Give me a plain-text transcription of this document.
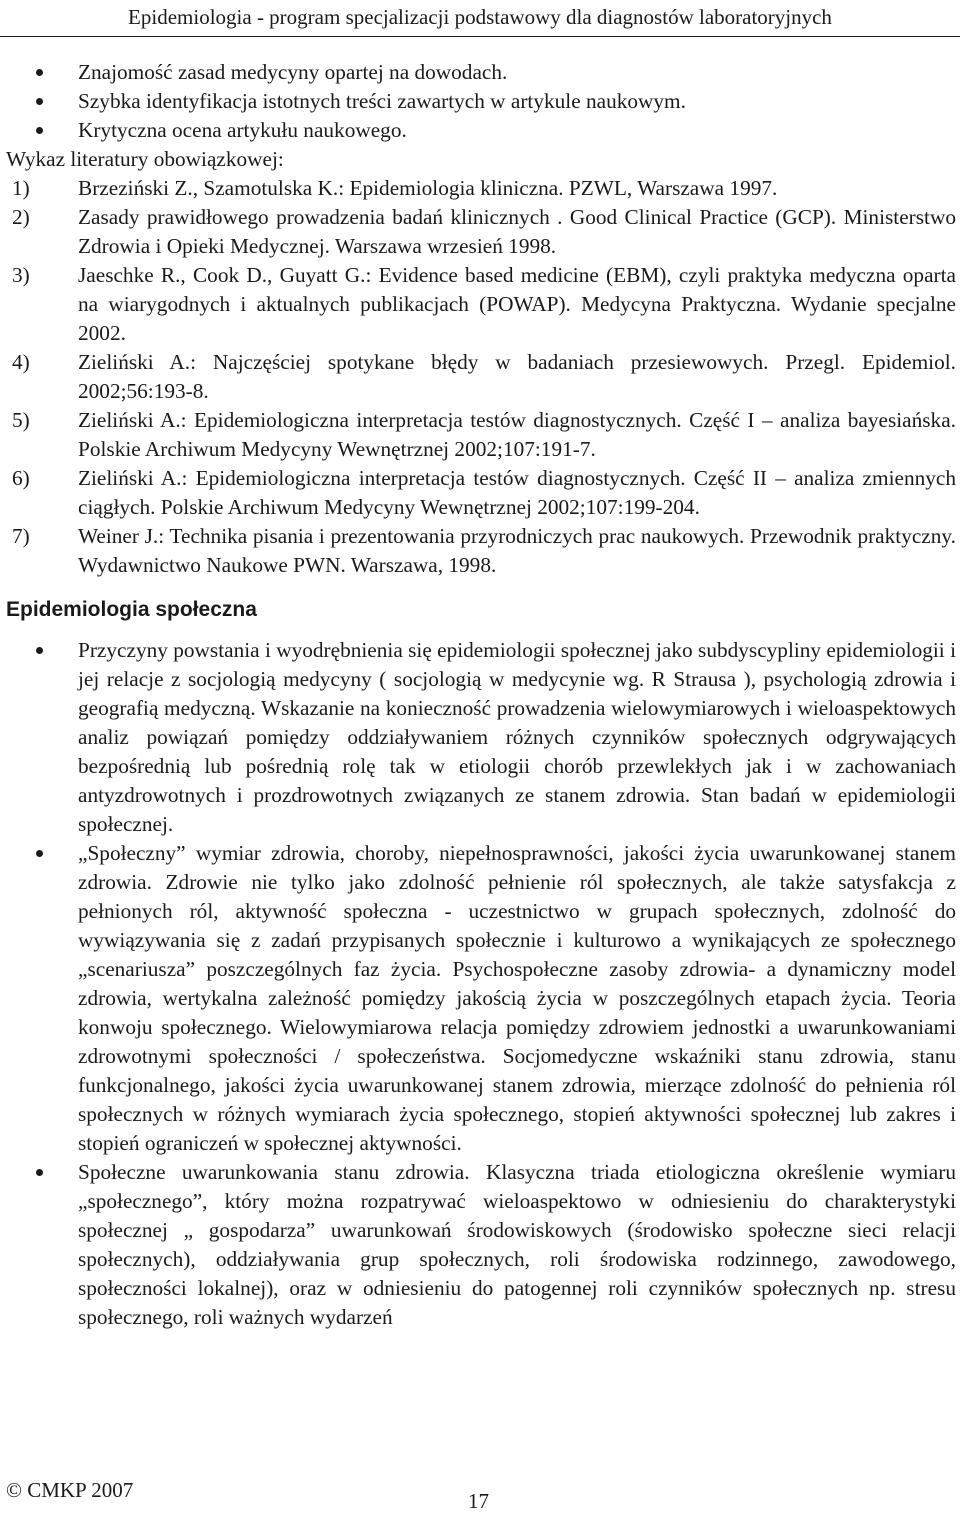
Epidemiologia - program specjalizacji podstawowy dla diagnostów laboratoryjnych
Znajomość zasad medycyny opartej na dowodach.
Szybka identyfikacja istotnych treści zawartych w artykule naukowym.
Krytyczna ocena artykułu naukowego.

Wykaz literatury obowiązkowej:

1) Brzeziński Z., Szamotulska K.: Epidemiologia kliniczna. PZWL, Warszawa 1997.
2) Zasady prawidłowego prowadzenia badań klinicznych . Good Clinical Practice (GCP). Ministerstwo Zdrowia i Opieki Medycznej. Warszawa wrzesień 1998.
3) Jaeschke R., Cook D., Guyatt G.: Evidence based medicine (EBM), czyli praktyka medyczna oparta na wiarygodnych i aktualnych publikacjach (POWAP). Medycyna Praktyczna. Wydanie specjalne 2002.
4) Zieliński A.: Najczęściej spotykane błędy w badaniach przesiewowych. Przegl. Epidemiol. 2002;56:193-8.
5) Zieliński A.: Epidemiologiczna interpretacja testów diagnostycznych. Część I – analiza bayesiańska. Polskie Archiwum Medycyny Wewnętrznej 2002;107:191-7.
6) Zieliński A.: Epidemiologiczna interpretacja testów diagnostycznych. Część II – analiza zmiennych ciągłych. Polskie Archiwum Medycyny Wewnętrznej 2002;107:199-204.
7) Weiner J.: Technika pisania i prezentowania przyrodniczych prac naukowych. Przewodnik praktyczny. Wydawnictwo Naukowe PWN. Warszawa, 1998.
Epidemiologia społeczna
Przyczyny powstania i wyodrębnienia się epidemiologii społecznej jako subdyscypliny epidemiologii i jej relacje z socjologią medycyny ( socjologią w medycynie wg. R Strausa ), psychologią zdrowia i geografią medyczną. Wskazanie na konieczność prowadzenia wielowymiarowych i wieloaspektowych analiz powiązań pomiędzy oddziaływaniem różnych czynników społecznych odgrywających bezpośrednią lub pośrednią rolę tak w etiologii chorób przewlekłych jak i w zachowaniach antyzdrowotnych i prozdrowotnych związanych ze stanem zdrowia. Stan badań w epidemiologii społecznej.
„Społeczny” wymiar zdrowia, choroby, niepełnosprawności, jakości życia uwarunkowanej stanem zdrowia. Zdrowie nie tylko jako zdolność pełnienie ról społecznych, ale także satysfakcja z pełnionych ról, aktywność społeczna - uczestnictwo w grupach społecznych, zdolność do wywiązywania się z zadań przypisanych społecznie i kulturowo a wynikających ze społecznego „scenariusza” poszczególnych faz życia. Psychospołeczne zasoby zdrowia- a dynamiczny model zdrowia, wertykalna zależność pomiędzy jakością życia w poszczególnych etapach życia. Teoria konwoju społecznego. Wielowymiarowa relacja pomiędzy zdrowiem jednostki a uwarunkowaniami zdrowotnymi społeczności / społeczeństwa. Socjomedyczne wskaźniki stanu zdrowia, stanu funkcjonalnego, jakości życia uwarunkowanej stanem zdrowia, mierzące zdolność do pełnienia ról społecznych w różnych wymiarach życia społecznego, stopień aktywności społecznej lub zakres i stopień ograniczeń w społecznej aktywności.
Społeczne uwarunkowania stanu zdrowia. Klasyczna triada etiologiczna określenie wymiaru „społecznego”, który można rozpatrywać wieloaspektowo w odniesieniu do charakterystyki społecznej „ gospodarza” uwarunkowań środowiskowych (środowisko społeczne sieci relacji społecznych), oddziaływania grup społecznych, roli środowiska rodzinnego, zawodowego, społeczności lokalnej), oraz w odniesieniu do patogennej roli czynników społecznych np. stresu społecznego, roli ważnych wydarzeń
© CMKP 2007	17
